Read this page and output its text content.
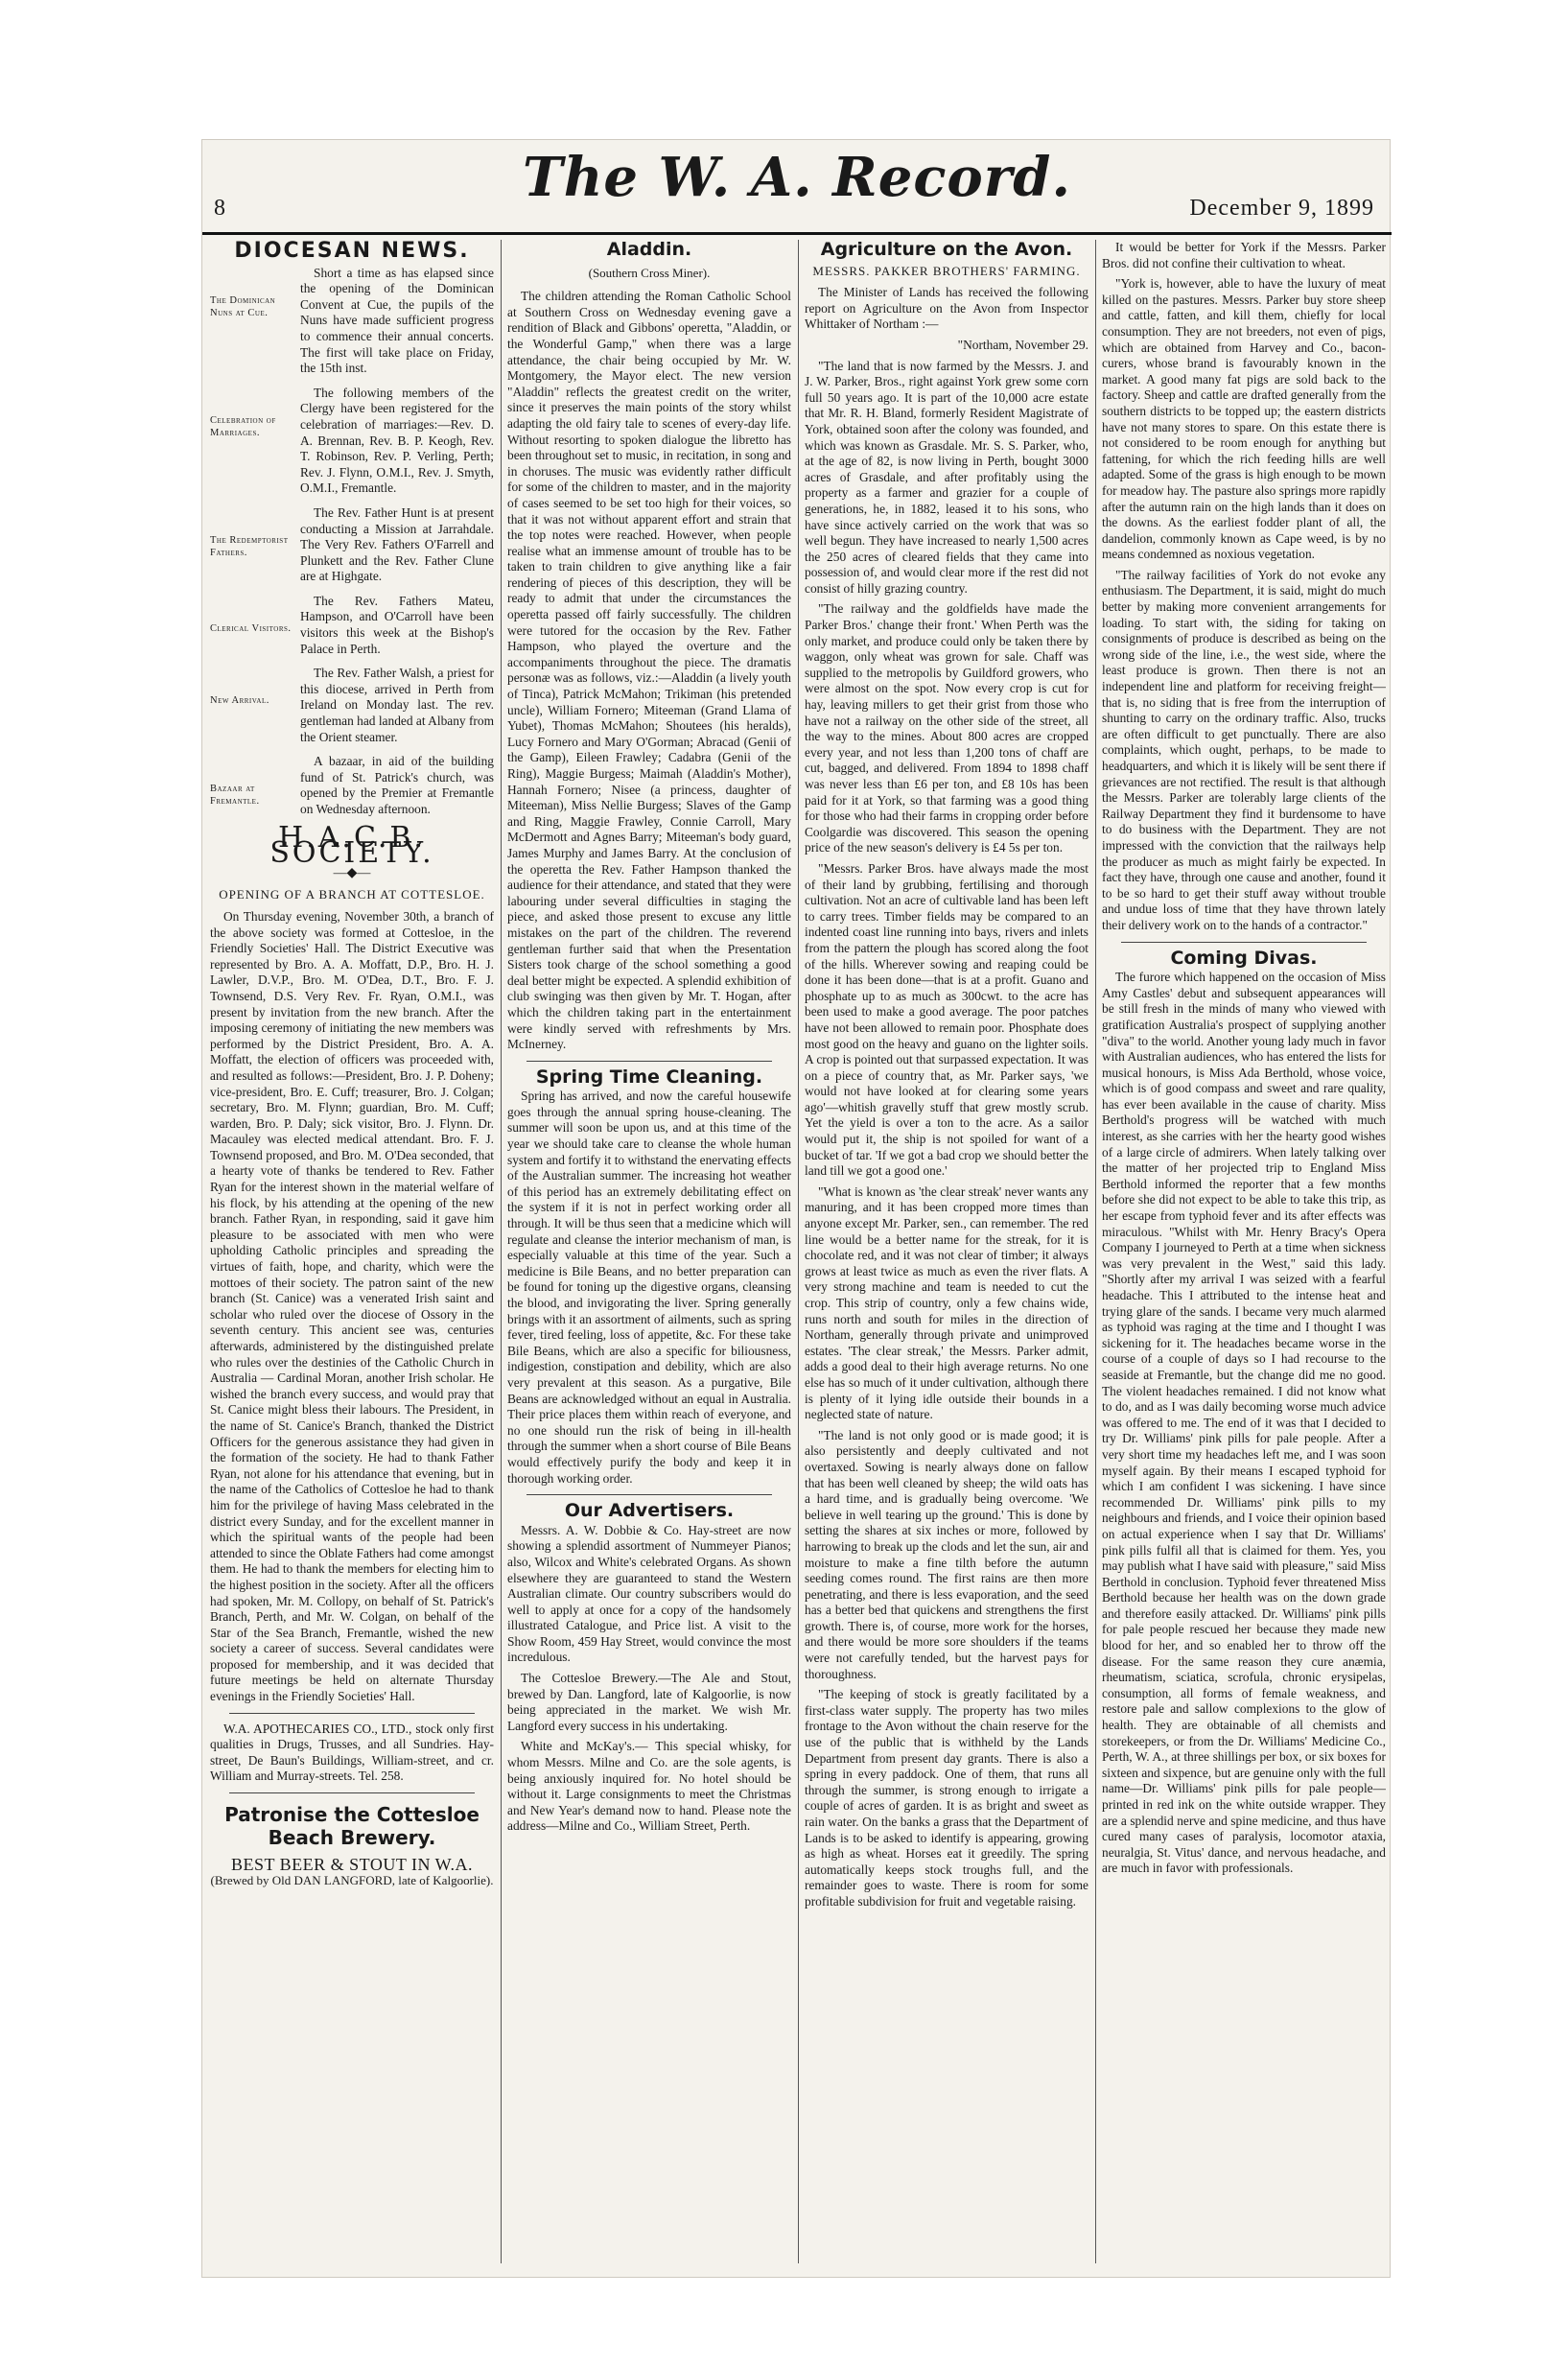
8	The W. A. Record.	December 9, 1899
DIOCESAN NEWS.
The Dominican Nuns at Cue.

Short a time as has elapsed since the opening of the Dominican Convent at Cue, the pupils of the Nuns have made sufficient progress to commence their annual concerts. The first will take place on Friday, the 15th inst.

Celebration of Marriages.

The following members of the Clergy have been registered for the celebration of marriages:—Rev. D. A. Brennan, Rev. B. P. Keogh, Rev. T. Robinson, Rev. P. Verling, Perth; Rev. J. Flynn, O.M.I., Rev. J. Smyth, O.M.I., Fremantle.

The Redemptorist Fathers.

The Rev. Father Hunt is at present conducting a Mission at Jarrahdale. The Very Rev. Fathers O'Farrell and Plunkett and the Rev. Father Clune are at Highgate.

Clerical Visitors.

The Rev. Fathers Mateu, Hampson, and O'Carroll have been visitors this week at the Bishop's Palace in Perth.

New Arrival.

The Rev. Father Walsh, a priest for this diocese, arrived in Perth from Ireland on Monday last. The rev. gentleman had landed at Albany from the Orient steamer.

Bazaar at Fremantle.

A bazaar, in aid of the building fund of St. Patrick's church, was opened by the Premier at Fremantle on Wednesday afternoon.

H.A.C.B. SOCIETY.
—◆—
OPENING OF A BRANCH AT COTTESLOE.

On Thursday evening, November 30th, a branch of the above society was formed at Cottesloe, in the Friendly Societies' Hall. The District Executive was represented by Bro. A. A. Moffatt, D.P., Bro. H. J. Lawler, D.V.P., Bro. M. O'Dea, D.T., Bro. F. J. Townsend, D.S. Very Rev. Fr. Ryan, O.M.I., was present by invitation from the new branch. After the imposing ceremony of initiating the new members was performed by the District President, Bro. A. A. Moffatt, the election of officers was proceeded with, and resulted as follows:—President, Bro. J. P. Doheny; vice-president, Bro. E. Cuff; treasurer, Bro. J. Colgan; secretary, Bro. M. Flynn; guardian, Bro. M. Cuff; warden, Bro. P. Daly; sick visitor, Bro. J. Flynn. Dr. Macauley was elected medical attendant. Bro. F. J. Townsend proposed, and Bro. M. O'Dea seconded, that a hearty vote of thanks be tendered to Rev. Father Ryan for the interest shown in the material welfare of his flock, by his attending at the opening of the new branch. Father Ryan, in responding, said it gave him pleasure to be associated with men who were upholding Catholic principles and spreading the virtues of faith, hope, and charity, which were the mottoes of their society. The patron saint of the new branch (St. Canice) was a venerated Irish saint and scholar who ruled over the diocese of Ossory in the seventh century. This ancient see was, centuries afterwards, administered by the distinguished prelate who rules over the destinies of the Catholic Church in Australia — Cardinal Moran, another Irish scholar. He wished the branch every success, and would pray that St. Canice might bless their labours. The President, in the name of St. Canice's Branch, thanked the District Officers for the generous assistance they had given in the formation of the society. He had to thank Father Ryan, not alone for his attendance that evening, but in the name of the Catholics of Cottesloe he had to thank him for the privilege of having Mass celebrated in the district every Sunday, and for the excellent manner in which the spiritual wants of the people had been attended to since the Oblate Fathers had come amongst them. He had to thank the members for electing him to the highest position in the society. After all the officers had spoken, Mr. M. Collopy, on behalf of St. Patrick's Branch, Perth, and Mr. W. Colgan, on behalf of the Star of the Sea Branch, Fremantle, wished the new society a career of success. Several candidates were proposed for membership, and it was decided that future meetings be held on alternate Thursday evenings in the Friendly Societies' Hall.

W.A. APOTHECARIES CO., LTD., stock only first qualities in Drugs, Trusses, and all Sundries. Hay-street, De Baun's Buildings, William-street, and cr. William and Murray-streets. Tel. 258.

Patronise the Cottesloe Beach Brewery.
BEST BEER & STOUT IN W.A.
(Brewed by Old DAN LANGFORD, late of Kalgoorlie).
Aladdin.
(Southern Cross Miner).

The children attending the Roman Catholic School at Southern Cross on Wednesday evening gave a rendition of Black and Gibbons' operetta, "Aladdin, or the Wonderful Gamp," when there was a large attendance, the chair being occupied by Mr. W. Montgomery, the Mayor elect. The new version "Aladdin" reflects the greatest credit on the writer, since it preserves the main points of the story whilst adapting the old fairy tale to scenes of every-day life. Without resorting to spoken dialogue the libretto has been throughout set to music, in recitation, in song and in choruses. The music was evidently rather difficult for some of the children to master, and in the majority of cases seemed to be set too high for their voices, so that it was not without apparent effort and strain that the top notes were reached. However, when people realise what an immense amount of trouble has to be taken to train children to give anything like a fair rendering of pieces of this description, they will be ready to admit that under the circumstances the operetta passed off fairly successfully. The children were tutored for the occasion by the Rev. Father Hampson, who played the overture and the accompaniments throughout the piece. The dramatis personæ was as follows, viz.:—Aladdin (a lively youth of Tinca), Patrick McMahon; Trikiman (his pretended uncle), William Fornero; Miteeman (Grand Llama of Yubet), Thomas McMahon; Shoutees (his heralds), Lucy Fornero and Mary O'Gorman; Abracad (Genii of the Gamp), Eileen Frawley; Cadabra (Genii of the Ring), Maggie Burgess; Maimah (Aladdin's Mother), Hannah Fornero; Nisee (a princess, daughter of Miteeman), Miss Nellie Burgess; Slaves of the Gamp and Ring, Maggie Frawley, Connie Carroll, Mary McDermott and Agnes Barry; Miteeman's body guard, James Murphy and James Barry. At the conclusion of the operetta the Rev. Father Hampson thanked the audience for their attendance, and stated that they were labouring under several difficulties in staging the piece, and asked those present to excuse any little mistakes on the part of the children. The reverend gentleman further said that when the Presentation Sisters took charge of the school something a good deal better might be expected. A splendid exhibition of club swinging was then given by Mr. T. Hogan, after which the children taking part in the entertainment were kindly served with refreshments by Mrs. McInerney.

Spring Time Cleaning.

Spring has arrived, and now the careful housewife goes through the annual spring house-cleaning. The summer will soon be upon us, and at this time of the year we should take care to cleanse the whole human system and fortify it to withstand the enervating effects of the Australian summer. The increasing hot weather of this period has an extremely debilitating effect on the system if it is not in perfect working order all through. It will be thus seen that a medicine which will regulate and cleanse the interior mechanism of man, is especially valuable at this time of the year. Such a medicine is Bile Beans, and no better preparation can be found for toning up the digestive organs, cleansing the blood, and invigorating the liver. Spring generally brings with it an assortment of ailments, such as spring fever, tired feeling, loss of appetite, &c. For these take Bile Beans, which are also a specific for biliousness, indigestion, constipation and debility, which are also very prevalent at this season. As a purgative, Bile Beans are acknowledged without an equal in Australia. Their price places them within reach of everyone, and no one should run the risk of being in ill-health through the summer when a short course of Bile Beans would effectively purify the body and keep it in thorough working order.

Our Advertisers.

Messrs. A. W. Dobbie & Co. Hay-street are now showing a splendid assortment of Nummeyer Pianos; also, Wilcox and White's celebrated Organs. As shown elsewhere they are guaranteed to stand the Western Australian climate. Our country subscribers would do well to apply at once for a copy of the handsomely illustrated Catalogue, and Price list. A visit to the Show Room, 459 Hay Street, would convince the most incredulous.

The Cottesloe Brewery.—The Ale and Stout, brewed by Dan. Langford, late of Kalgoorlie, is now being appreciated in the market. We wish Mr. Langford every success in his undertaking.

White and McKay's.— This special whisky, for whom Messrs. Milne and Co. are the sole agents, is being anxiously inquired for. No hotel should be without it. Large consignments to meet the Christmas and New Year's demand now to hand. Please note the address—Milne and Co., William Street, Perth.

Agriculture on the Avon.
MESSRS. PAKKER BROTHERS' FARMING.

The Minister of Lands has received the following report on Agriculture on the Avon from Inspector Whittaker of Northam :—

"Northam, November 29.

"The land that is now farmed by the Messrs. J. and J. W. Parker, Bros., right against York grew some corn full 50 years ago. It is part of the 10,000 acre estate that Mr. R. H. Bland, formerly Resident Magistrate of York, obtained soon after the colony was founded, and which was known as Grasdale. Mr. S. S. Parker, who, at the age of 82, is now living in Perth, bought 3000 acres of Grasdale, and after profitably using the property as a farmer and grazier for a couple of generations, he, in 1882, leased it to his sons, who have since actively carried on the work that was so well begun. They have increased to nearly 1,500 acres the 250 acres of cleared fields that they came into possession of, and would clear more if the rest did not consist of hilly grazing country.

"The railway and the goldfields have made the Parker Bros.' change their front.' When Perth was the only market, and produce could only be taken there by waggon, only wheat was grown for sale. Chaff was supplied to the metropolis by Guildford growers, who were almost on the spot. Now every crop is cut for hay, leaving millers to get their grist from those who have not a railway on the other side of the street, all the way to the mines. About 800 acres are cropped every year, and not less than 1,200 tons of chaff are cut, bagged, and delivered. From 1894 to 1898 chaff was never less than £6 per ton, and £8 10s has been paid for it at York, so that farming was a good thing for those who had their farms in cropping order before Coolgardie was discovered. This season the opening price of the new season's delivery is £4 5s per ton.

"Messrs. Parker Bros. have always made the most of their land by grubbing, fertilising and thorough cultivation. Not an acre of cultivable land has been left to carry trees. Timber fields may be compared to an indented coast line running into bays, rivers and inlets from the pattern the plough has scored along the foot of the hills. Wherever sowing and reaping could be done it has been done—that is at a profit. Guano and phosphate up to as much as 300cwt. to the acre has been used to make a good average. The poor patches have not been allowed to remain poor. Phosphate does most good on the heavy and guano on the lighter soils. A crop is pointed out that surpassed expectation. It was on a piece of country that, as Mr. Parker says, 'we would not have looked at for clearing some years ago'—whitish gravelly stuff that grew mostly scrub. Yet the yield is over a ton to the acre. As a sailor would put it, the ship is not spoiled for want of a bucket of tar. 'If we got a bad crop we should better the land till we got a good one.'

"What is known as 'the clear streak' never wants any manuring, and it has been cropped more times than anyone except Mr. Parker, sen., can remember. The red line would be a better name for the streak, for it is chocolate red, and it was not clear of timber; it always grows at least twice as much as even the river flats. A very strong machine and team is needed to cut the crop. This strip of country, only a few chains wide, runs north and south for miles in the direction of Northam, generally through private and unimproved estates. 'The clear streak,' the Messrs. Parker admit, adds a good deal to their high average returns. No one else has so much of it under cultivation, although there is plenty of it lying idle outside their bounds in a neglected state of nature.

"The land is not only good or is made good; it is also persistently and deeply cultivated and not overtaxed. Sowing is nearly always done on fallow that has been well cleaned by sheep; the wild oats has a hard time, and is gradually being overcome. 'We believe in well tearing up the ground.' This is done by setting the shares at six inches or more, followed by harrowing to break up the clods and let the sun, air and moisture to make a fine tilth before the autumn seeding comes round. The first rains are then more penetrating, and there is less evaporation, and the seed has a better bed that quickens and strengthens the first growth. There is, of course, more work for the horses, and there would be more sore shoulders if the teams were not carefully tended, but the harvest pays for thoroughness.

"The keeping of stock is greatly facilitated by a first-class water supply. The property has two miles frontage to the Avon without the chain reserve for the use of the public that is withheld by the Lands Department from present day grants. There is also a spring in every paddock. One of them, that runs all through the summer, is strong enough to irrigate a couple of acres of garden. It is as bright and sweet as rain water. On the banks a grass that the Department of Lands is to be asked to identify is appearing, growing as high as wheat. Horses eat it greedily. The spring automatically keeps stock troughs full, and the remainder goes to waste. There is room for some profitable subdivision for fruit and vegetable raising.

It would be better for York if the Messrs. Parker Bros. did not confine their cultivation to wheat.

"York is, however, able to have the luxury of meat killed on the pastures. Messrs. Parker buy store sheep and cattle, fatten, and kill them, chiefly for local consumption. They are not breeders, not even of pigs, which are obtained from Harvey and Co., bacon-curers, whose brand is favourably known in the market. A good many fat pigs are sold back to the factory. Sheep and cattle are drafted generally from the southern districts to be topped up; the eastern districts have not many stores to spare. On this estate there is not considered to be room enough for anything but fattening, for which the rich feeding hills are well adapted. Some of the grass is high enough to be mown for meadow hay. The pasture also springs more rapidly after the autumn rain on the high lands than it does on the downs. As the earliest fodder plant of all, the dandelion, commonly known as Cape weed, is by no means condemned as noxious vegetation.

"The railway facilities of York do not evoke any enthusiasm. The Department, it is said, might do much better by making more convenient arrangements for loading. To start with, the siding for taking on consignments of produce is described as being on the wrong side of the line, i.e., the west side, where the least produce is grown. Then there is not an independent line and platform for receiving freight—that is, no siding that is free from the interruption of shunting to carry on the ordinary traffic. Also, trucks are often difficult to get punctually. There are also complaints, which ought, perhaps, to be made to headquarters, and which it is likely will be sent there if grievances are not rectified. The result is that although the Messrs. Parker are tolerably large clients of the Railway Department they find it burdensome to have to do business with the Department. They are not impressed with the conviction that the railways help the producer as much as might fairly be expected. In fact they have, through one cause and another, found it to be so hard to get their stuff away without trouble and undue loss of time that they have thrown lately their delivery work on to the hands of a contractor."

Coming Divas.

The furore which happened on the occasion of Miss Amy Castles' debut and subsequent appearances will be still fresh in the minds of many who viewed with gratification Australia's prospect of supplying another "diva" to the world. Another young lady much in favor with Australian audiences, who has entered the lists for musical honours, is Miss Ada Berthold, whose voice, which is of good compass and sweet and rare quality, has ever been available in the cause of charity. Miss Berthold's progress will be watched with much interest, as she carries with her the hearty good wishes of a large circle of admirers. When lately talking over the matter of her projected trip to England Miss Berthold informed the reporter that a few months before she did not expect to be able to take this trip, as her escape from typhoid fever and its after effects was miraculous. "Whilst with Mr. Henry Bracy's Opera Company I journeyed to Perth at a time when sickness was very prevalent in the West," said this lady. "Shortly after my arrival I was seized with a fearful headache. This I attributed to the intense heat and trying glare of the sands. I became very much alarmed as typhoid was raging at the time and I thought I was sickening for it. The headaches became worse in the course of a couple of days so I had recourse to the seaside at Fremantle, but the change did me no good. The violent headaches remained. I did not know what to do, and as I was daily becoming worse much advice was offered to me. The end of it was that I decided to try Dr. Williams' pink pills for pale people. After a very short time my headaches left me, and I was soon myself again. By their means I escaped typhoid for which I am confident I was sickening. I have since recommended Dr. Williams' pink pills to my neighbours and friends, and I voice their opinion based on actual experience when I say that Dr. Williams' pink pills fulfil all that is claimed for them. Yes, you may publish what I have said with pleasure," said Miss Berthold in conclusion. Typhoid fever threatened Miss Berthold because her health was on the down grade and therefore easily attacked. Dr. Williams' pink pills for pale people rescued her because they made new blood for her, and so enabled her to throw off the disease. For the same reason they cure anæmia, rheumatism, sciatica, scrofula, chronic erysipelas, consumption, all forms of female weakness, and restore pale and sallow complexions to the glow of health. They are obtainable of all chemists and storekeepers, or from the Dr. Williams' Medicine Co., Perth, W. A., at three shillings per box, or six boxes for sixteen and sixpence, but are genuine only with the full name—Dr. Williams' pink pills for pale people—printed in red ink on the white outside wrapper. They are a splendid nerve and spine medicine, and thus have cured many cases of paralysis, locomotor ataxia, neuralgia, St. Vitus' dance, and nervous headache, and are much in favor with professionals.
